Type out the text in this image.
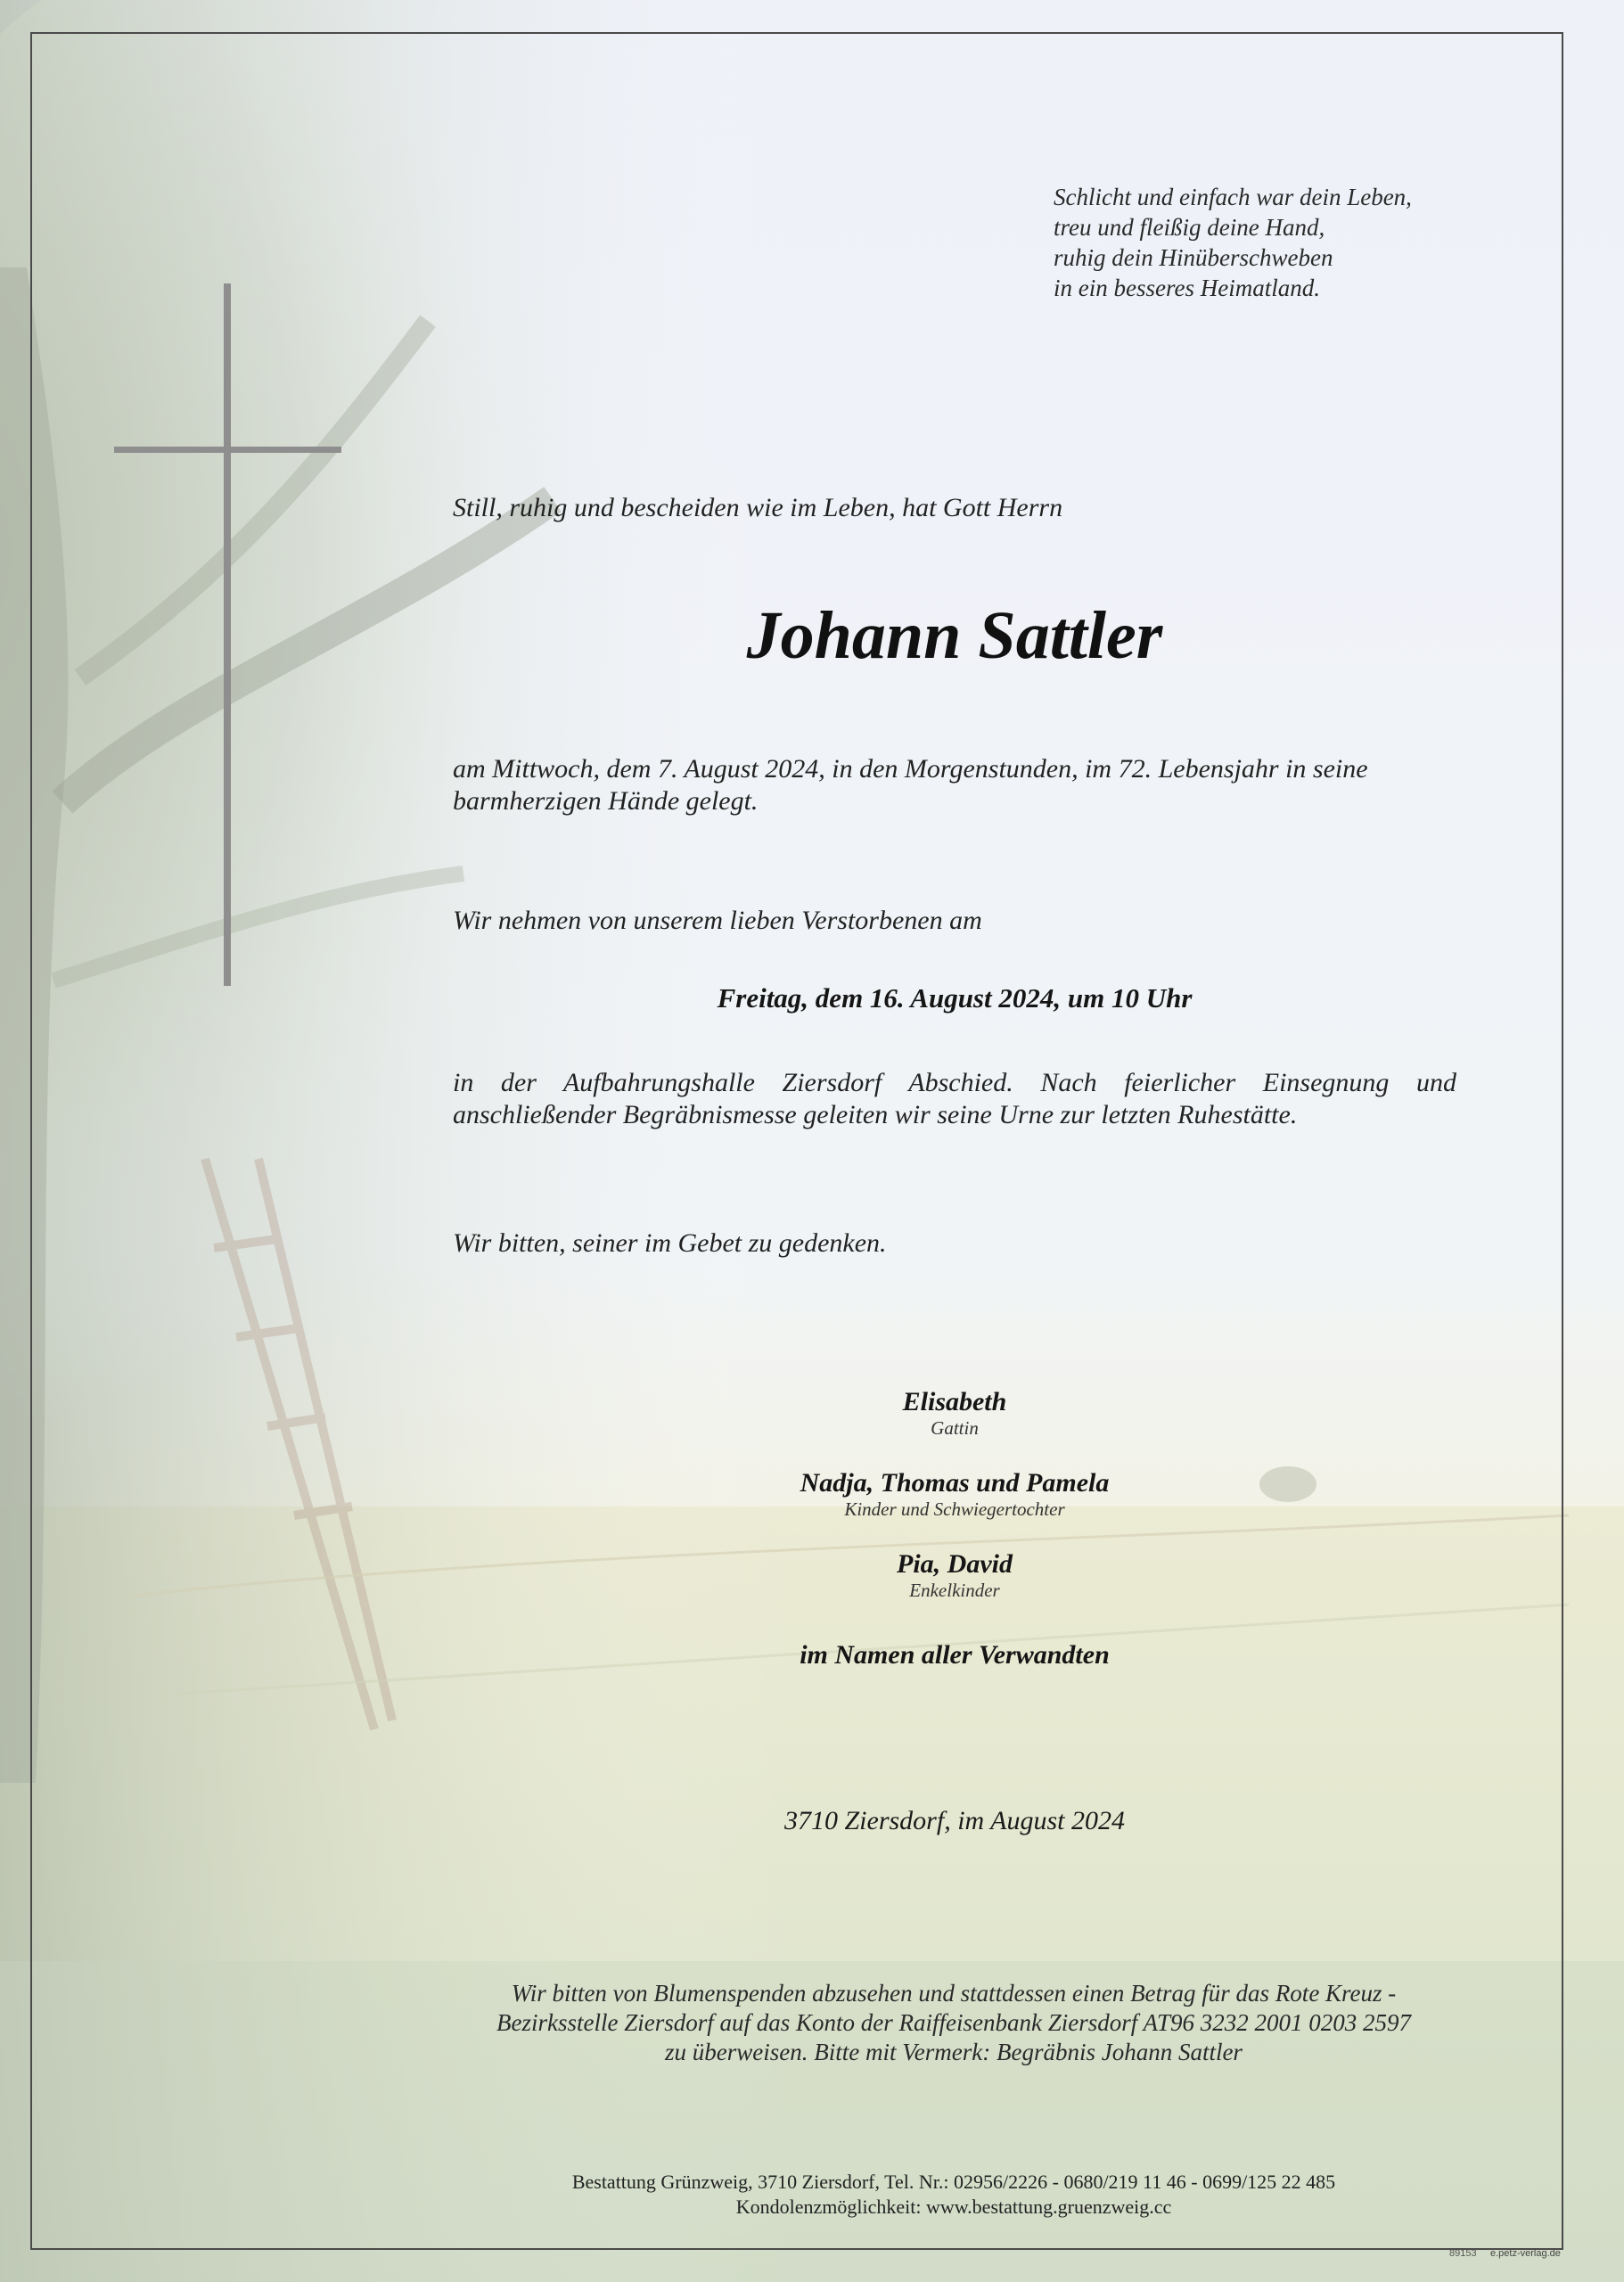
Schlicht und einfach war dein Leben,
treu und fleißig deine Hand,
ruhig dein Hinüberschweben
in ein besseres Heimatland.
Still, ruhig und bescheiden wie im Leben, hat Gott Herrn
Johann Sattler
am Mittwoch, dem 7. August 2024, in den Morgenstunden, im 72. Lebensjahr in seine
barmherzigen Hände gelegt.
Wir nehmen von unserem lieben Verstorbenen am
Freitag, dem 16. August 2024, um 10 Uhr
in der Aufbahrungshalle Ziersdorf Abschied. Nach feierlicher Einsegnung und
anschließender Begräbnismesse geleiten wir seine Urne zur letzten Ruhestätte.
Wir bitten, seiner im Gebet zu gedenken.
Elisabeth
Gattin
Nadja, Thomas und Pamela
Kinder und Schwiegertochter
Pia, David
Enkelkinder
im Namen aller Verwandten
3710 Ziersdorf, im August 2024
Wir bitten von Blumenspenden abzusehen und stattdessen einen Betrag für das Rote Kreuz -
Bezirksstelle Ziersdorf auf das Konto der Raiffeisenbank Ziersdorf AT96 3232 2001 0203 2597
zu überweisen. Bitte mit Vermerk: Begräbnis Johann Sattler
Bestattung Grünzweig, 3710 Ziersdorf, Tel. Nr.: 02956/2226 - 0680/219 11 46 - 0699/125 22 485
Kondolenzmöglichkeit: www.bestattung.gruenzweig.cc
89153 e.petz-verlag.de
